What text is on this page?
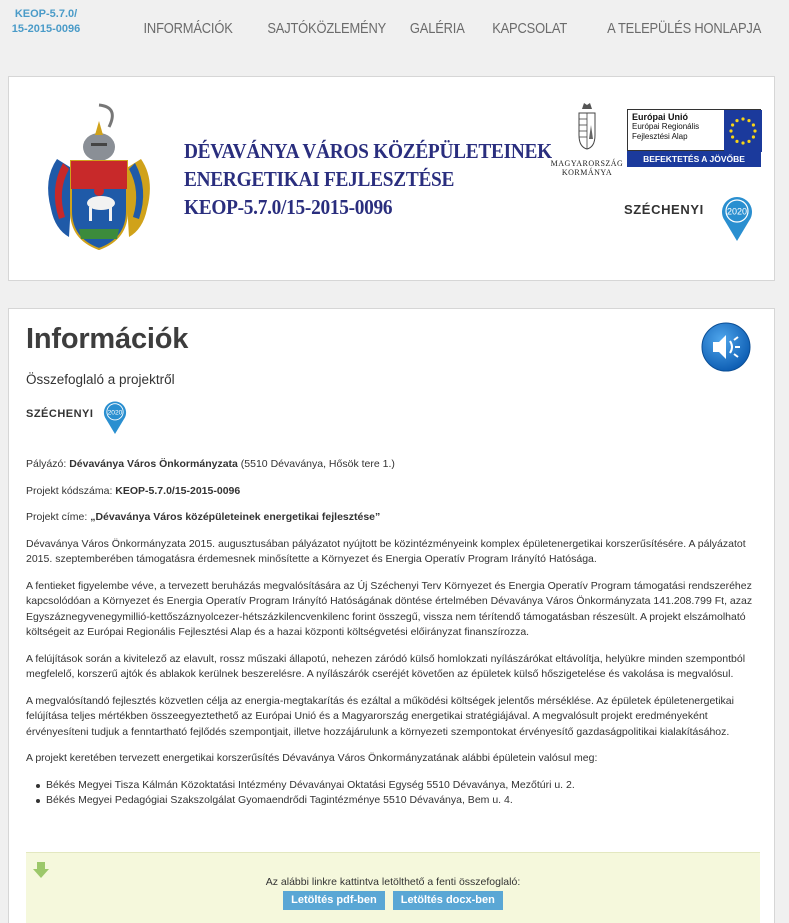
KEOP-5.7.0/
15-2015-0096	INFORMÁCIÓK SAJTÓKÖZLEMÉNY GALÉRIA KAPCSOLAT	A TELEPÜLÉS HONLAPJA
DÉVAVÁNYA VÁROS KÖZÉPÜLETEINEK
ENERGETIKAI FEJLESZTÉSE
KEOP-5.7.0/15-2015-0096
MAGYARORSZÁG
KORMÁNYA
Európai Unió
Európai Regionális
Fejlesztési Alap
BEFEKTETÉS A JÖVŐBE
SZÉCHENYI	2020
Információk
Összefoglaló a projektről
SZÉCHENYI 2020

Pályázó: Dévaványa Város Önkormányzata (5510 Dévaványa, Hősök tere 1.)

Projekt kódszáma: KEOP-5.7.0/15-2015-0096

Projekt címe: „Dévaványa Város középületeinek energetikai fejlesztése”

Dévaványa Város Önkormányzata 2015. augusztusában pályázatot nyújtott be közintézményeink komplex épületenergetikai korszerűsítésére. A pályázatot 2015. szeptemberében támogatásra érdemesnek minősítette a Környezet és Energia Operatív Program Irányító Hatósága.

A fentieket figyelembe véve, a tervezett beruházás megvalósítására az Új Széchenyi Terv Környezet és Energia Operatív Program támogatási rendszeréhez kapcsolódóan a Környezet és Energia Operatív Program Irányító Hatóságának döntése értelmében Dévaványa Város Önkormányzata 141.208.799 Ft, azaz Egyszáznegyvenegymillió-kettőszáznyolcezer-hétszázkilencvenkilenc forint összegű, vissza nem térítendő támogatásban részesült. A projekt elszámolható költségeit az Európai Regionális Fejlesztési Alap és a hazai központi költségvetési előirányzat finanszírozza.

A felújítások során a kivitelező az elavult, rossz műszaki állapotú, nehezen záródó külső homlokzati nyílászárókat eltávolítja, helyükre minden szempontból megfelelő, korszerű ajtók és ablakok kerülnek beszerelésre. A nyílászárók cseréjét követően az épületek külső hőszigetelése és vakolása is megvalósul.

A megvalósítandó fejlesztés közvetlen célja az energia-megtakarítás és ezáltal a működési költségek jelentős mérséklése. Az épületek épületenergetikai felújítása teljes mértékben összeegyeztethető az Európai Unió és a Magyarország energetikai stratégiájával. A megvalósult projekt eredményeként érvényesíteni tudjuk a fenntartható fejlődés szempontjait, illetve hozzájárulunk a környezeti szempontokat érvényesítő gazdaságpolitikai kialakításához.

A projekt keretében tervezett energetikai korszerűsítés Dévaványa Város Önkormányzatának alábbi épületein valósul meg:

Békés Megyei Tisza Kálmán Közoktatási Intézmény Dévaványai Oktatási Egység 5510 Dévaványa, Mezőtúri u. 2.
Békés Megyei Pedagógiai Szakszolgálat Gyomaendrődi Tagintézménye 5510 Dévaványa, Bem u. 4.
Az alábbi linkre kattintva letölthető a fenti összefoglaló:
Letöltés pdf-ben Letöltés docx-ben
